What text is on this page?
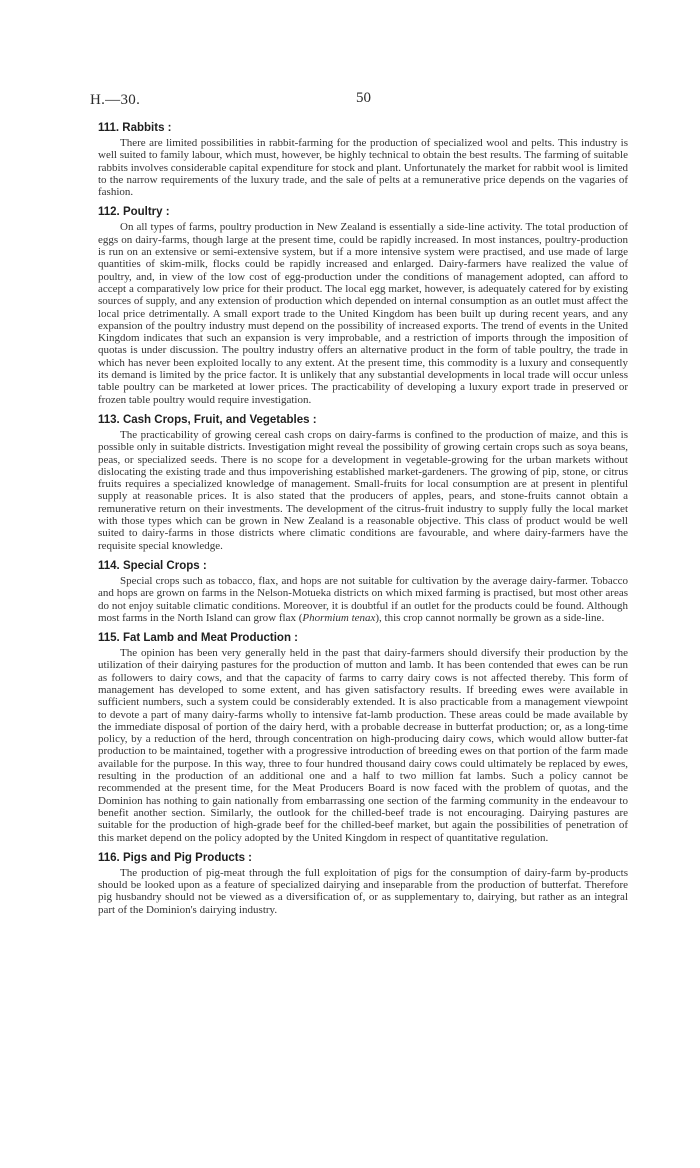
H.—30.	50
111. Rabbits :

There are limited possibilities in rabbit-farming for the production of specialized wool and pelts. This industry is well suited to family labour, which must, however, be highly technical to obtain the best results. The farming of suitable rabbits involves considerable capital expenditure for stock and plant. Unfortunately the market for rabbit wool is limited to the narrow requirements of the luxury trade, and the sale of pelts at a remunerative price depends on the vagaries of fashion.

112. Poultry :

On all types of farms, poultry production in New Zealand is essentially a side-line activity. The total production of eggs on dairy-farms, though large at the present time, could be rapidly increased. In most instances, poultry-production is run on an extensive or semi-extensive system, but if a more intensive system were practised, and use made of large quantities of skim-milk, flocks could be rapidly increased and enlarged. Dairy-farmers have realized the value of poultry, and, in view of the low cost of egg-production under the conditions of management adopted, can afford to accept a comparatively low price for their product. The local egg market, however, is adequately catered for by existing sources of supply, and any extension of production which depended on internal consumption as an outlet must affect the local price detrimentally. A small export trade to the United Kingdom has been built up during recent years, and any expansion of the poultry industry must depend on the possibility of increased exports. The trend of events in the United Kingdom indicates that such an expansion is very improbable, and a restriction of imports through the imposition of quotas is under discussion. The poultry industry offers an alternative product in the form of table poultry, the trade in which has never been exploited locally to any extent. At the present time, this commodity is a luxury and consequently its demand is limited by the price factor. It is unlikely that any substantial developments in local trade will occur unless table poultry can be marketed at lower prices. The practicability of developing a luxury export trade in preserved or frozen table poultry would require investigation.

113. Cash Crops, Fruit, and Vegetables :

The practicability of growing cereal cash crops on dairy-farms is confined to the production of maize, and this is possible only in suitable districts. Investigation might reveal the possibility of growing certain crops such as soya beans, peas, or specialized seeds. There is no scope for a development in vegetable-growing for the urban markets without dislocating the existing trade and thus impoverishing established market-gardeners. The growing of pip, stone, or citrus fruits requires a specialized knowledge of management. Small-fruits for local consumption are at present in plentiful supply at reasonable prices. It is also stated that the producers of apples, pears, and stone-fruits cannot obtain a remunerative return on their investments. The development of the citrus-fruit industry to supply fully the local market with those types which can be grown in New Zealand is a reasonable objective. This class of product would be well suited to dairy-farms in those districts where climatic conditions are favourable, and where dairy-farmers have the requisite special knowledge.

114. Special Crops :

Special crops such as tobacco, flax, and hops are not suitable for cultivation by the average dairy-farmer. Tobacco and hops are grown on farms in the Nelson-Motueka districts on which mixed farming is practised, but most other areas do not enjoy suitable climatic conditions. Moreover, it is doubtful if an outlet for the products could be found. Although most farms in the North Island can grow flax (Phormium tenax), this crop cannot normally be grown as a side-line.

115. Fat Lamb and Meat Production :

The opinion has been very generally held in the past that dairy-farmers should diversify their production by the utilization of their dairying pastures for the production of mutton and lamb. It has been contended that ewes can be run as followers to dairy cows, and that the capacity of farms to carry dairy cows is not affected thereby. This form of management has developed to some extent, and has given satisfactory results. If breeding ewes were available in sufficient numbers, such a system could be considerably extended. It is also practicable from a management viewpoint to devote a part of many dairy-farms wholly to intensive fat-lamb production. These areas could be made available by the immediate disposal of portion of the dairy herd, with a probable decrease in butterfat production; or, as a long-time policy, by a reduction of the herd, through concentration on high-producing dairy cows, which would allow butter-fat production to be maintained, together with a progressive introduction of breeding ewes on that portion of the farm made available for the purpose. In this way, three to four hundred thousand dairy cows could ultimately be replaced by ewes, resulting in the production of an additional one and a half to two million fat lambs. Such a policy cannot be recommended at the present time, for the Meat Producers Board is now faced with the problem of quotas, and the Dominion has nothing to gain nationally from embarrassing one section of the farming community in the endeavour to benefit another section. Similarly, the outlook for the chilled-beef trade is not encouraging. Dairying pastures are suitable for the production of high-grade beef for the chilled-beef market, but again the possibilities of penetration of this market depend on the policy adopted by the United Kingdom in respect of quantitative regulation.

116. Pigs and Pig Products :

The production of pig-meat through the full exploitation of pigs for the consumption of dairy-farm by-products should be looked upon as a feature of specialized dairying and inseparable from the production of butterfat. Therefore pig husbandry should not be viewed as a diversification of, or as supplementary to, dairying, but rather as an integral part of the Dominion's dairying industry.
